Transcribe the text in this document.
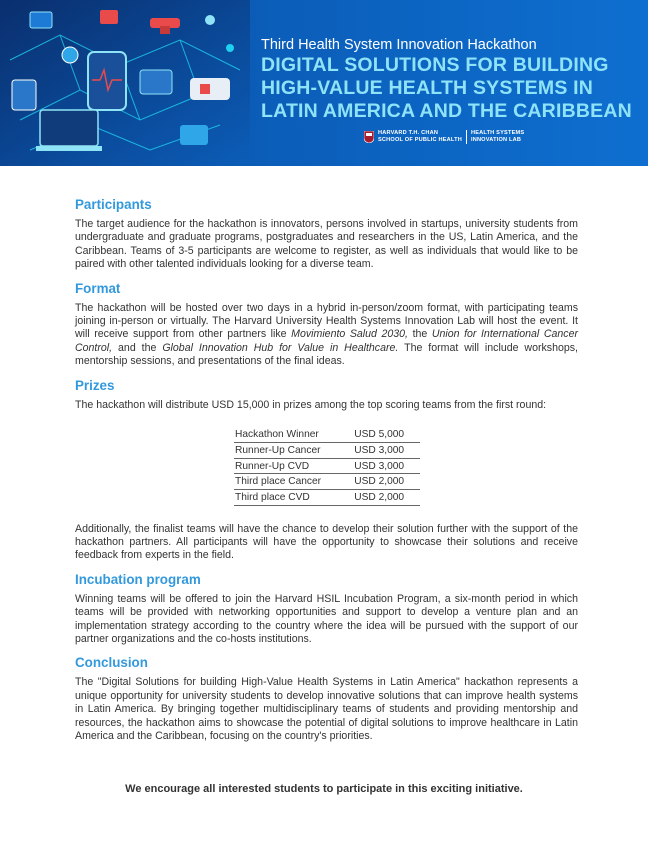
Third Health System Innovation Hackathon
DIGITAL SOLUTIONS FOR BUILDING
HIGH-VALUE HEALTH SYSTEMS IN
LATIN AMERICA AND THE CARIBBEAN
HARVARD T.H. CHAN
SCHOOL OF PUBLIC HEALTH
HEALTH SYSTEMS
INNOVATION LAB
Participants

The target audience for the hackathon is innovators, persons involved in startups, university students from undergraduate and graduate programs, postgraduates and researchers in the US, Latin America, and the Caribbean. Teams of 3-5 participants are welcome to register, as well as individuals that would like to be paired with other talented individuals looking for a diverse team.

Format

The hackathon will be hosted over two days in a hybrid in-person/zoom format, with participating teams joining in-person or virtually. The Harvard University Health Systems Innovation Lab will host the event. It will receive support from other partners like Movimiento Salud 2030, the Union for International Cancer Control, and the Global Innovation Hub for Value in Healthcare. The format will include workshops, mentorship sessions, and presentations of the final ideas.

Prizes

The hackathon will distribute USD 15,000 in prizes among the top scoring teams from the first round:

Hackathon Winner	USD 5,000
Runner-Up Cancer	USD 3,000
Runner-Up CVD	USD 3,000
Third place Cancer	USD 2,000
Third place CVD	USD 2,000

Additionally, the finalist teams will have the chance to develop their solution further with the support of the hackathon partners. All participants will have the opportunity to showcase their solutions and receive feedback from experts in the field.

Incubation program

Winning teams will be offered to join the Harvard HSIL Incubation Program, a six-month period in which teams will be provided with networking opportunities and support to develop a venture plan and an implementation strategy according to the country where the idea will be pursued with the support of our partner organizations and the co-hosts institutions.

Conclusion

The "Digital Solutions for building High-Value Health Systems in Latin America" hackathon represents a unique opportunity for university students to develop innovative solutions that can improve health systems in Latin America. By bringing together multidisciplinary teams of students and providing mentorship and resources, the hackathon aims to showcase the potential of digital solutions to improve healthcare in Latin America and the Caribbean, focusing on the country's priorities.

We encourage all interested students to participate in this exciting initiative.
